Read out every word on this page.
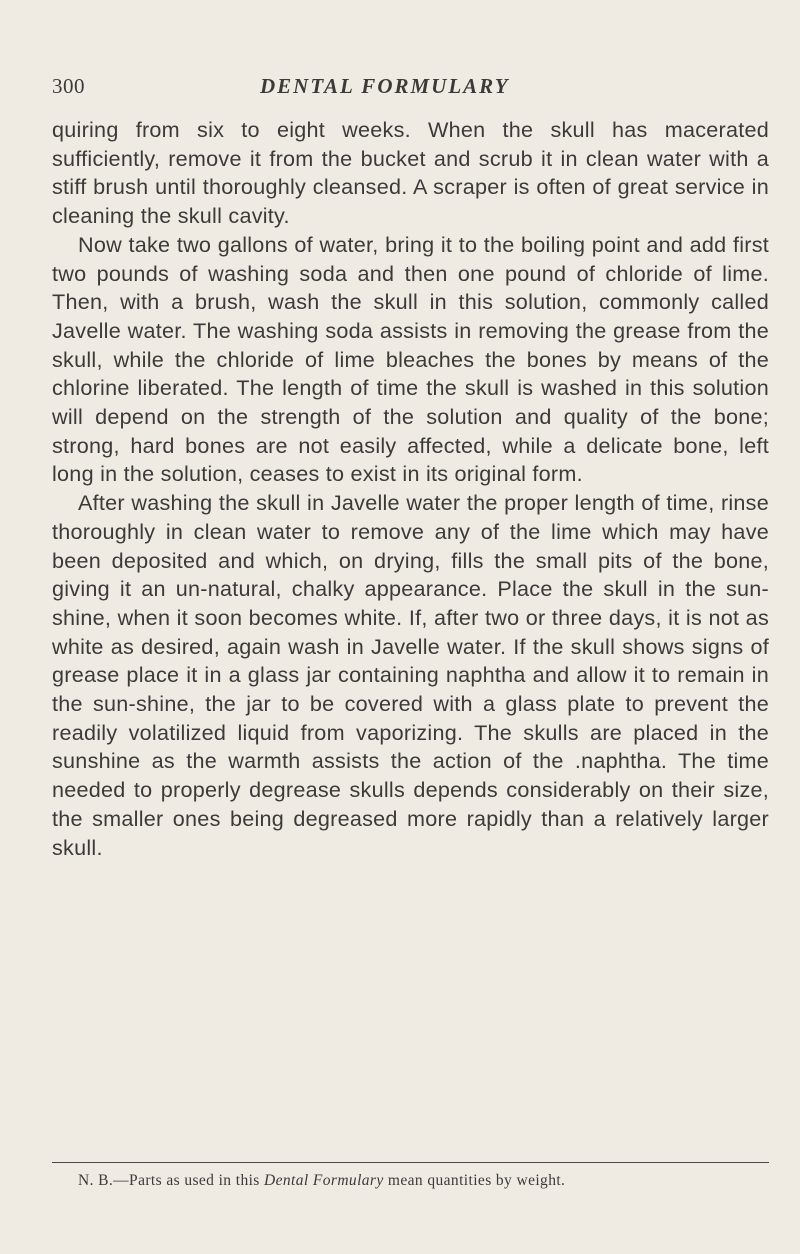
300	DENTAL FORMULARY

quiring from six to eight weeks. When the skull has macerated sufficiently, remove it from the bucket and scrub it in clean water with a stiff brush until thoroughly cleansed. A scraper is often of great service in cleaning the skull cavity.

Now take two gallons of water, bring it to the boiling point and add first two pounds of washing soda and then one pound of chloride of lime. Then, with a brush, wash the skull in this solution, commonly called Javelle water. The washing soda assists in removing the grease from the skull, while the chloride of lime bleaches the bones by means of the chlorine liberated. The length of time the skull is washed in this solution will depend on the strength of the solution and quality of the bone; strong, hard bones are not easily affected, while a delicate bone, left long in the solution, ceases to exist in its original form.

After washing the skull in Javelle water the proper length of time, rinse thoroughly in clean water to remove any of the lime which may have been deposited and which, on drying, fills the small pits of the bone, giving it an un-natural, chalky appearance. Place the skull in the sun-shine, when it soon becomes white. If, after two or three days, it is not as white as desired, again wash in Javelle water. If the skull shows signs of grease place it in a glass jar containing naphtha and allow it to remain in the sun-shine, the jar to be covered with a glass plate to prevent the readily volatilized liquid from vaporizing. The skulls are placed in the sunshine as the warmth assists the action of the .naphtha. The time needed to properly degrease skulls depends considerably on their size, the smaller ones being degreased more rapidly than a relatively larger skull.

N. B.—Parts as used in this Dental Formulary mean quantities by weight.
